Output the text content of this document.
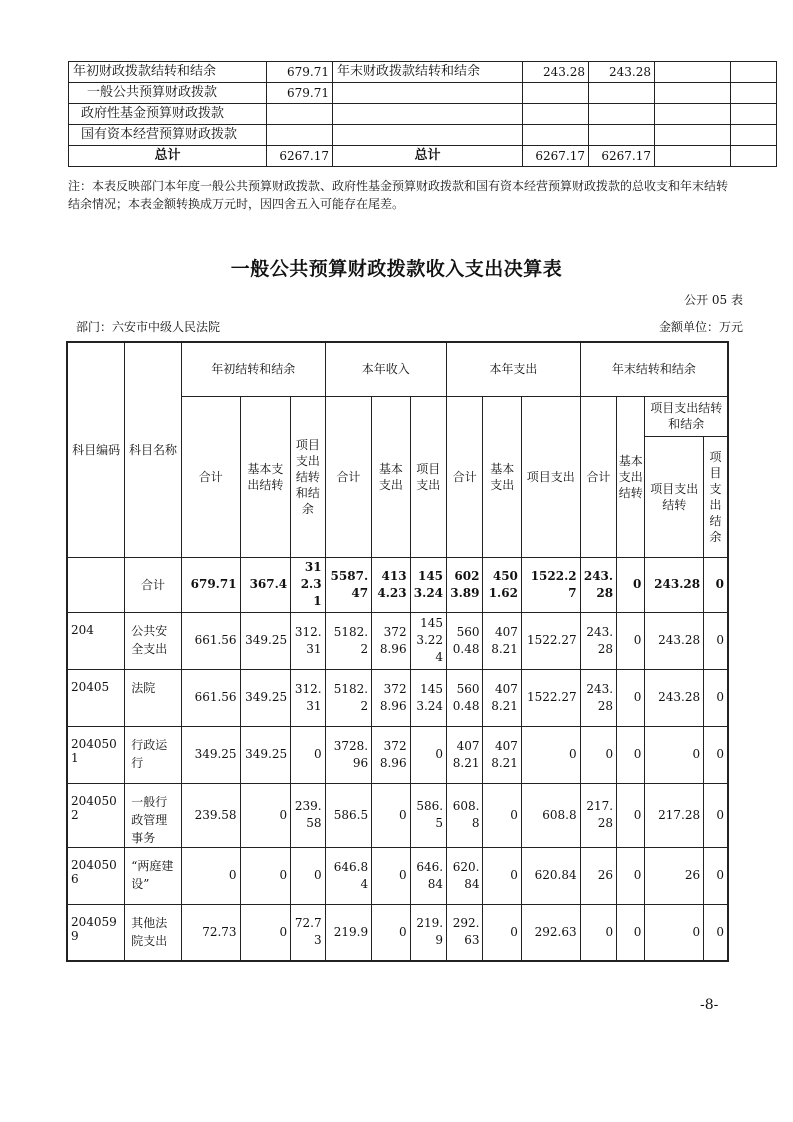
年初财政拨款结转和结余	679.71	年末财政拨款结转和结余	243.28	243.28		
一般公共预算财政拨款	679.71					
政府性基金预算财政拨款						
国有资本经营预算财政拨款						
总计	6267.17	总计	6267.17	6267.17		
注：本表反映部门本年度一般公共预算财政拨款、政府性基金预算财政拨款和国有资本经营预算财政拨款的总收支和年末结转结余情况；本表金额转换成万元时，因四舍五入可能存在尾差。
一般公共预算财政拨款收入支出决算表
公开 05 表
部门：六安市中级人民法院	金额单位：万元
科目编码	科目名称	年初结转和结余			本年收入			本年支出			年末结转和结余			
		合计	基本支出结转	项目支出结转和结余	合计	基本支出	项目支出	合计	基本支出	项目支出	合计	基本支出结转	项目支出结转和结余	
													项目支出结转	项目支出结余
	合计	679.71	367.4	312.31	5587.47	4134.23	1453.24	6023.89	4501.62	1522.27	243.28	0	243.28	0
204	公共安全支出	661.56	349.25	312.31	5182.2	3728.96	1453.224	5600.48	4078.21	1522.27	243.28	0	243.28	0
20405	法院	661.56	349.25	312.31	5182.2	3728.96	1453.24	5600.48	4078.21	1522.27	243.28	0	243.28	0
2040501	行政运行	349.25	349.25	0	3728.96	3728.96	0	4078.21	4078.21	0	0	0	0	0
2040502	一般行政管理事务	239.58	0	239.58	586.5	0	586.5	608.8	0	608.8	217.28	0	217.28	0
2040506	“两庭建设”	0	0	0	646.84	0	646.84	620.84	0	620.84	26	0	26	0
2040599	其他法院支出	72.73	0	72.73	219.9	0	219.9	292.63	0	292.63	0	0	0	0
-8-
